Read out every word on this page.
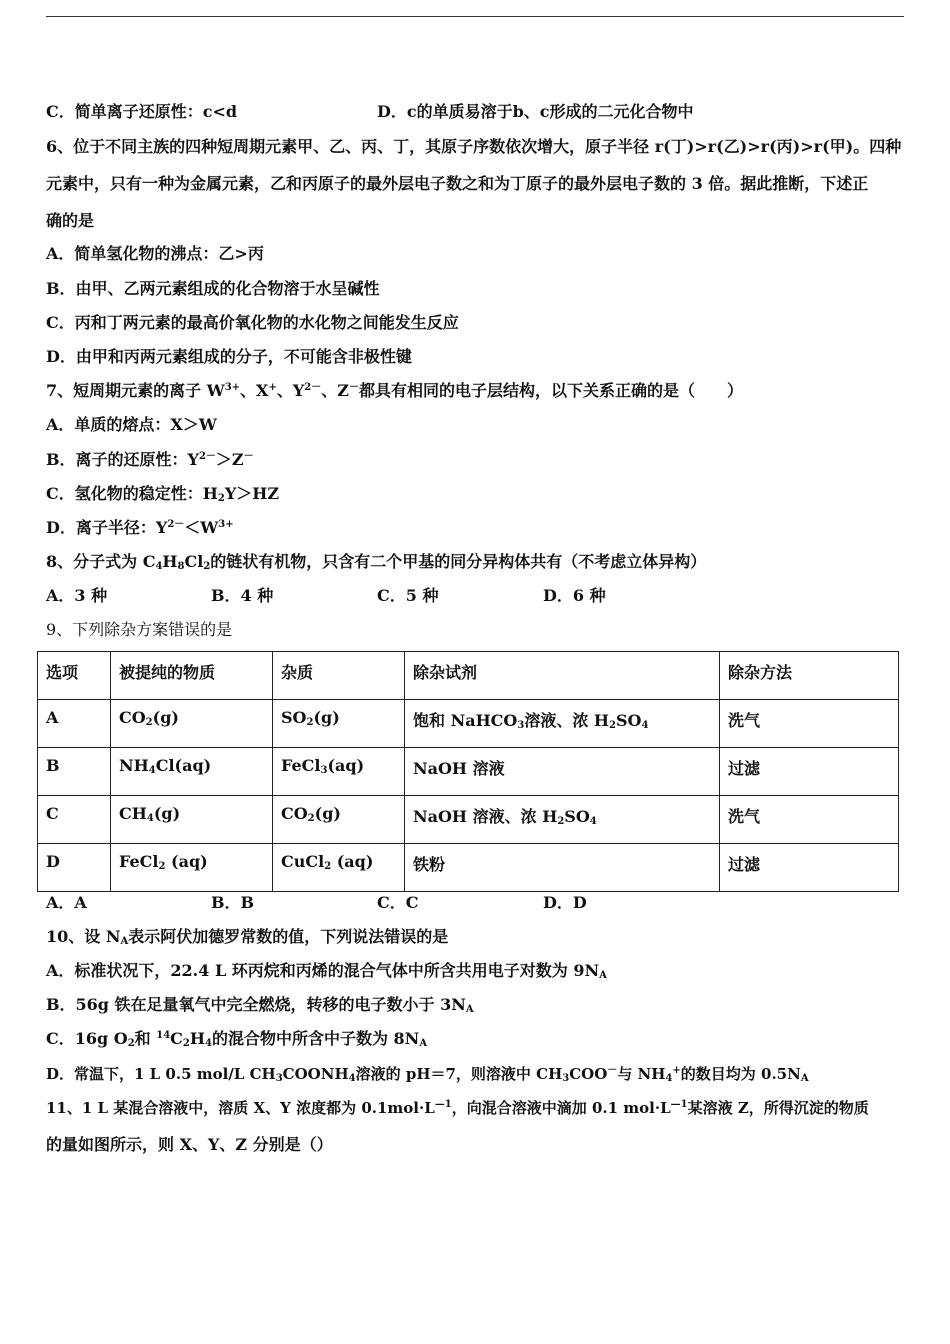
C．简单离子还原性：c<d	D．c的单质易溶于b、c形成的二元化合物中
6、位于不同主族的四种短周期元素甲、乙、丙、丁，其原子序数依次增大，原子半径 r(丁)>r(乙)>r(丙)>r(甲)。四种
元素中，只有一种为金属元素，乙和丙原子的最外层电子数之和为丁原子的最外层电子数的 3 倍。据此推断，下述正
确的是
A．简单氢化物的沸点：乙>丙
B．由甲、乙两元素组成的化合物溶于水呈碱性
C．丙和丁两元素的最高价氧化物的水化物之间能发生反应
D．由甲和丙两元素组成的分子，不可能含非极性键
7、短周期元素的离子 $W^{3+}$、X+、$Y^{2-}$、Z－都具有相同的电子层结构，以下关系正确的是（　　）
A．单质的熔点：X＞W
B．离子的还原性：$Y^{2-}>Z^-$
C．氢化物的稳定性：$H_2Y>HZ$
D．离子半径：$Y^{2-}<W^{3+}$
8、分子式为 $C_4H_8Cl_2$的链状有机物，只含有二个甲基的同分异构体共有（不考虑立体异构）
A．3 种	B．4 种	C．5 种	D．6 种
9、下列除杂方案错误的是
选项	被提纯的物质	杂质	除杂试剂	除杂方法
A	$CO_2(g)$	$SO_2(g)$	饱和 NaHCO$_3$溶液、浓 $H_2SO_4$	洗气
B	$NH_4Cl(aq)$	FeCl$_3$(aq)	NaOH 溶液	过滤
C	$CH_4(g)$	$CO_2(g)$	NaOH 溶液、浓 $H_2SO_4$	洗气
D	FeCl$_2$ (aq)	CuCl$_2$ (aq)	铁粉	过滤
A．A	B．B	C．C	D．D
10、设 $N_A$表示阿伏加德罗常数的值，下列说法错误的是
A．标准状况下，22.4 L 环丙烷和丙烯的混合气体中所含共用电子对数为 $9N_A$
B．56g 铁在足量氧气中完全燃烧，转移的电子数小于 $3N_A$
C．16g $O_2$和 $^{14}C_2H_4$的混合物中所含中子数为 $8N_A$
D．常温下，1 L 0.5 mol/L $CH_3COONH_4$溶液的 pH＝7，则溶液中 $CH_3COO^-$与 $NH_4^+$的数目均为 $0.5N_A$
11、1 L 某混合溶液中，溶质 X、Y 浓度都为 $0.1mol\cdot L^{—1}$，向混合溶液中滴加 0.1 $mol\cdot L^{—1}$某溶液 Z，所得沉淀的物质
的量如图所示，则 X、Y、Z 分别是（）
